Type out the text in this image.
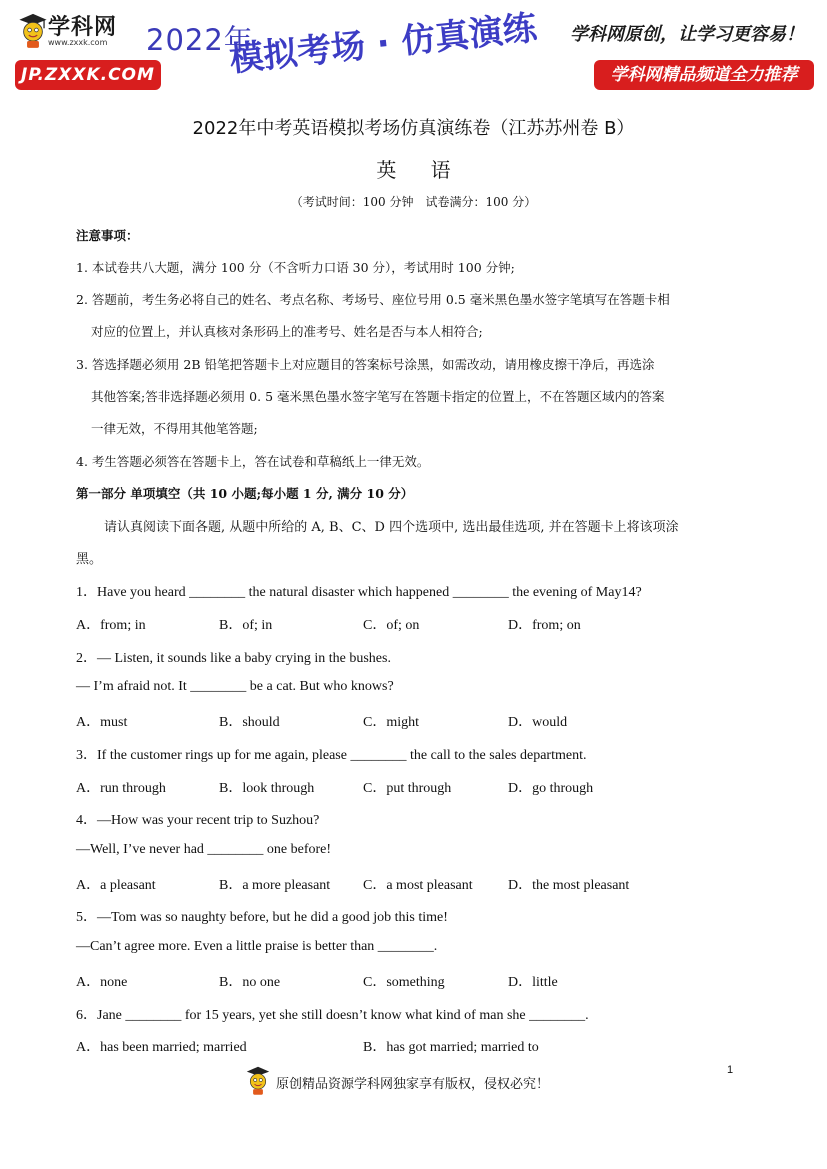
学科网
www.zxxk.com 2022年
模拟考场 · 仿真演练 学科网原创，让学习更容易！
JP.ZXXK.COM	学科网精品频道全力推荐
2022年中考英语模拟考场仿真演练卷（江苏苏州卷 B）
英 语
（考试时间：100 分钟　试卷满分：100 分）
注意事项：
1. 本试卷共八大题，满分 100 分（不含听力口语 30 分），考试用时 100 分钟;
2. 答题前，考生务必将自己的姓名、考点名称、考场号、座位号用 0.5 毫米黑色墨水签字笔填写在答题卡相
对应的位置上，并认真核对条形码上的准考号、姓名是否与本人相符合;
3. 答选择题必须用 2B 铅笔把答题卡上对应题目的答案标号涂黑，如需改动，请用橡皮擦干净后，再选涂
其他答案;答非选择题必须用 0. 5 毫米黑色墨水签字笔写在答题卡指定的位置上，不在答题区域内的答案
一律无效，不得用其他笔答题;
4. 考生答题必须答在答题卡上，答在试卷和草稿纸上一律无效。
第一部分 单项填空（共 10 小题;每小题 1 分, 满分 10 分）
请认真阅读下面各题, 从题中所给的 A, B、C、D 四个选项中, 选出最佳选项, 并在答题卡上将该项涂
黑。
1．Have you heard ________ the natural disaster which happened ________ the evening of May14?
A．from; in	B．of; in	C．of; on	D．from; on
2．— Listen, it sounds like a baby crying in the bushes.
— I’m afraid not. It ________ be a cat. But who knows?
A．must	B．should	C．might	D．would
3．If the customer rings up for me again, please ________ the call to the sales department.
A．run through	B．look through	C．put through	D．go through
4．—How was your recent trip to Suzhou?
—Well, I’ve never had ________ one before!
A．a pleasant	B．a more pleasant C．a most pleasant	D．the most pleasant
5．—Tom was so naughty before, but he did a good job this time!
—Can’t agree more. Even a little praise is better than ________.
A．none	B．no one	C．something	D．little
6．Jane ________ for 15 years, yet she still doesn’t know what kind of man she ________.
A．has been married; married	B．has got married; married to
原创精品资源学科网独家享有版权，侵权必究！
1
